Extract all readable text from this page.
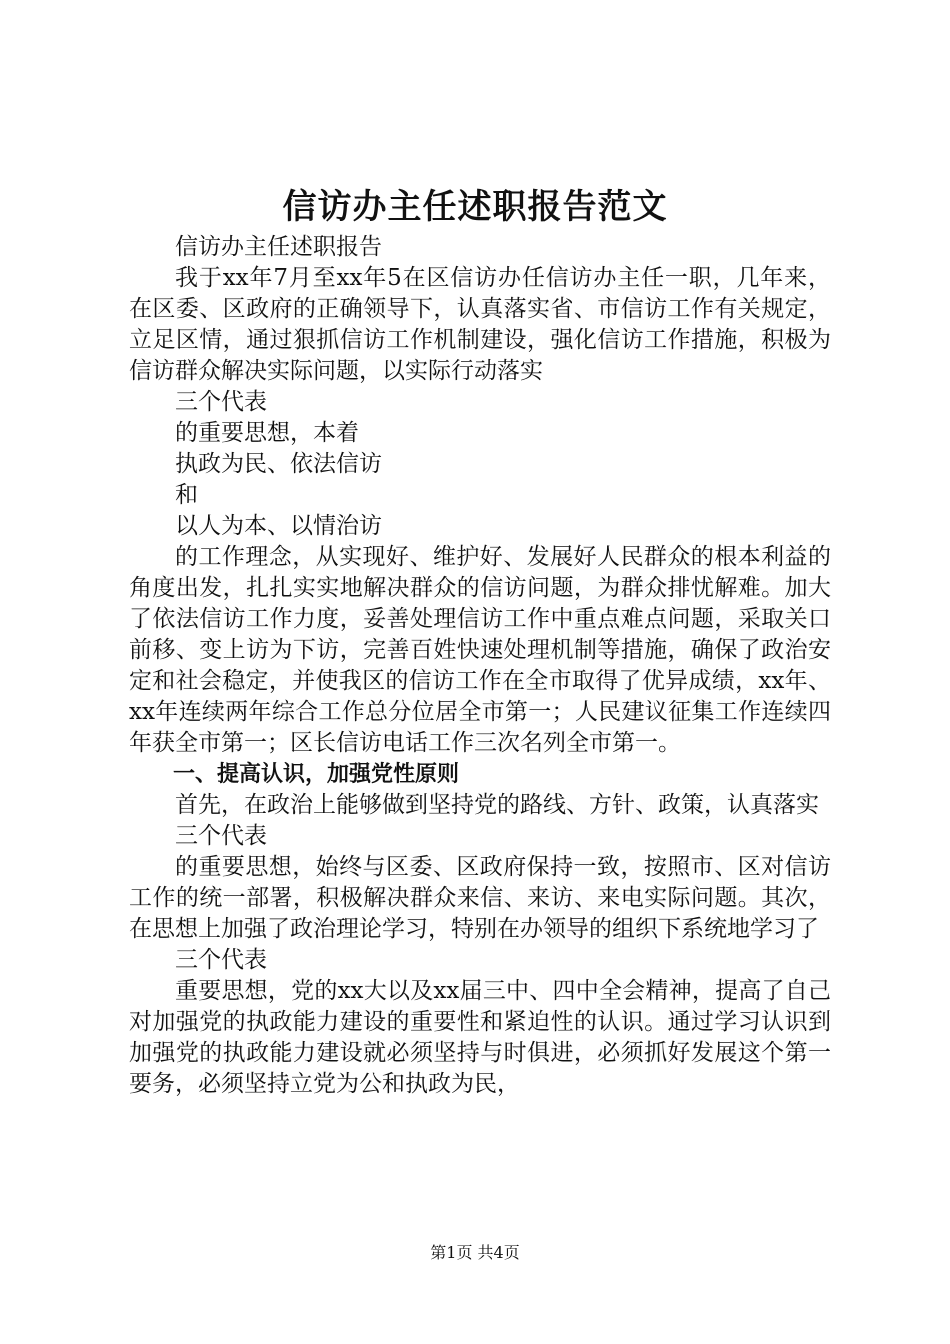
信访办主任述职报告范文

信访办主任述职报告

我于xx年7月至xx年5在区信访办任信访办主任一职，几年来，在区委、区政府的正确领导下，认真落实省、市信访工作有关规定，立足区情，通过狠抓信访工作机制建设，强化信访工作措施，积极为信访群众解决实际问题，以实际行动落实

三个代表

的重要思想，本着

执政为民、依法信访

和

以人为本、以情治访

的工作理念，从实现好、维护好、发展好人民群众的根本利益的角度出发，扎扎实实地解决群众的信访问题，为群众排忧解难。加大了依法信访工作力度，妥善处理信访工作中重点难点问题，采取关口前移、变上访为下访，完善百姓快速处理机制等措施，确保了政治安定和社会稳定，并使我区的信访工作在全市取得了优异成绩，xx年、xx年连续两年综合工作总分位居全市第一；人民建议征集工作连续四年获全市第一；区长信访电话工作三次名列全市第一。

一、提高认识，加强党性原则

首先，在政治上能够做到坚持党的路线、方针、政策，认真落实

三个代表

的重要思想，始终与区委、区政府保持一致，按照市、区对信访工作的统一部署，积极解决群众来信、来访、来电实际问题。其次，在思想上加强了政治理论学习，特别在办领导的组织下系统地学习了

三个代表

重要思想，党的xx大以及xx届三中、四中全会精神，提高了自己对加强党的执政能力建设的重要性和紧迫性的认识。通过学习认识到加强党的执政能力建设就必须坚持与时俱进，必须抓好发展这个第一要务，必须坚持立党为公和执政为民，

第1页 共4页
